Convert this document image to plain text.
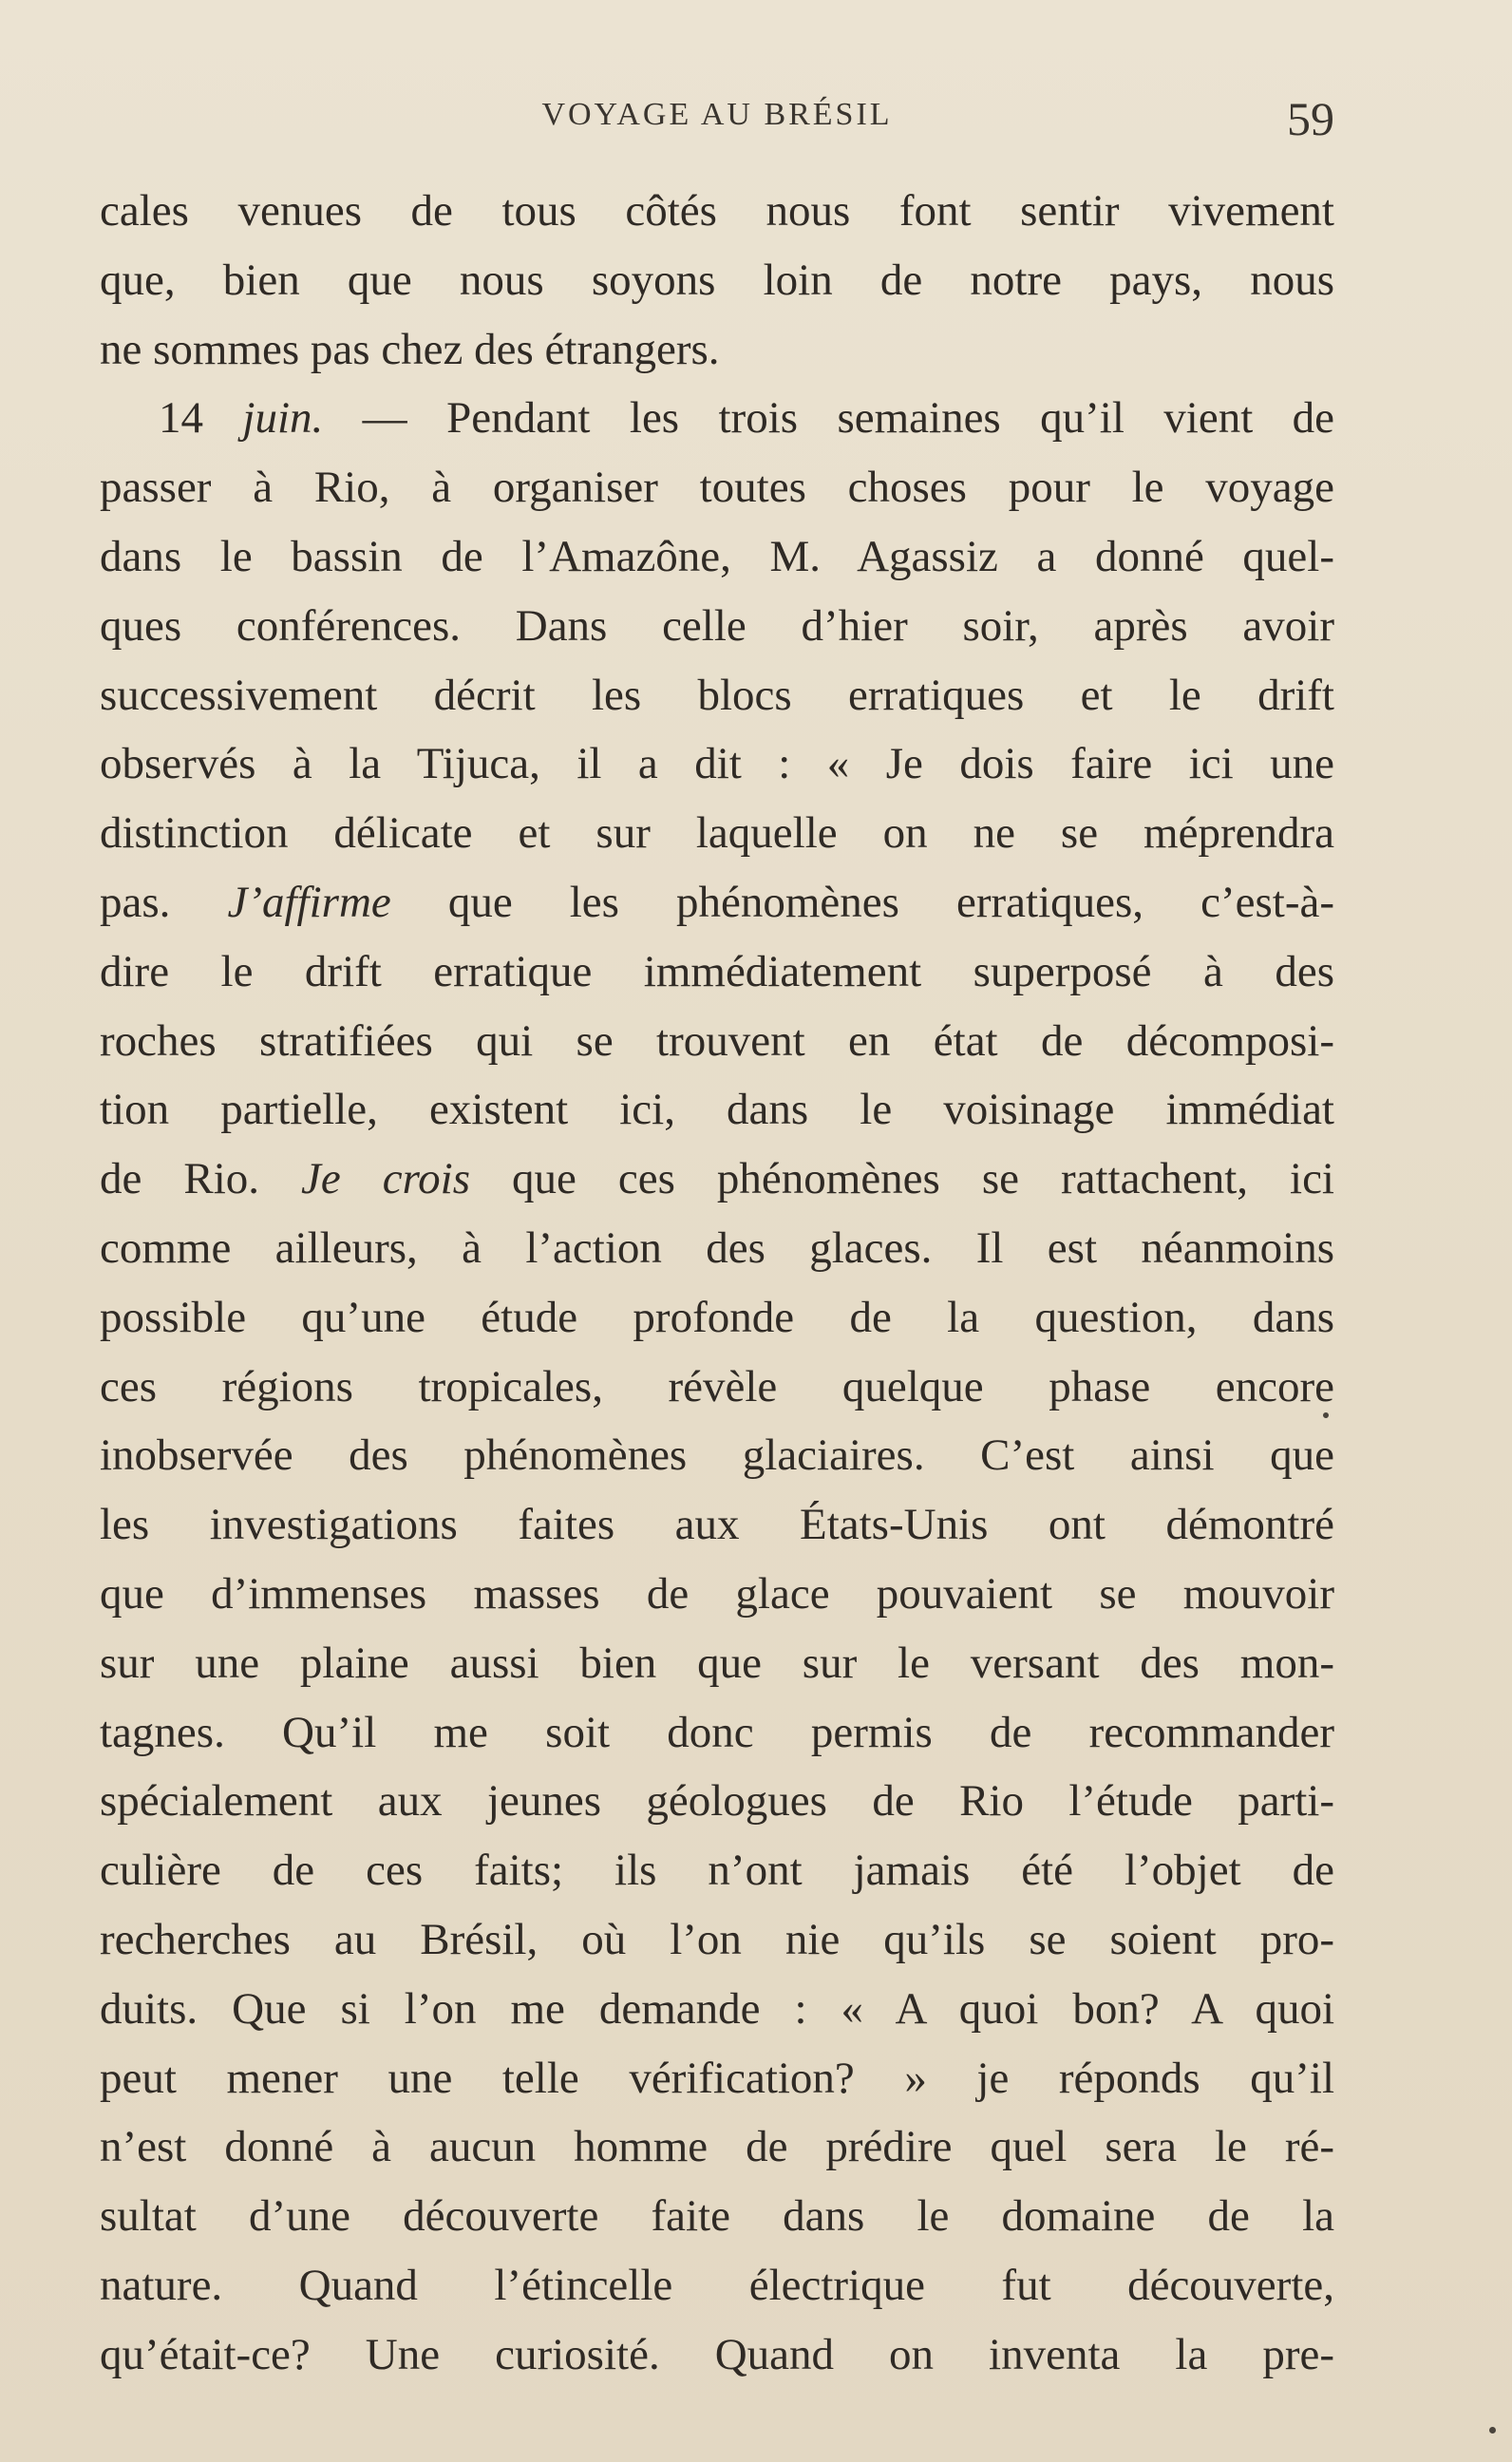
VOYAGE AU BRÉSIL	59
cales venues de tous côtés nous font sentir vivement
que, bien que nous soyons loin de notre pays, nous
ne sommes pas chez des étrangers.
14 juin. — Pendant les trois semaines qu’il vient de
passer à Rio, à organiser toutes choses pour le voyage
dans le bassin de l’Amazône, M. Agassiz a donné quel-
ques conférences. Dans celle d’hier soir, après avoir
successivement décrit les blocs erratiques et le drift
observés à la Tijuca, il a dit : « Je dois faire ici une
distinction délicate et sur laquelle on ne se méprendra
pas. J’affirme que les phénomènes erratiques, c’est-à-
dire le drift erratique immédiatement superposé à des
roches stratifiées qui se trouvent en état de décomposi-
tion partielle, existent ici, dans le voisinage immédiat
de Rio. Je crois que ces phénomènes se rattachent, ici
comme ailleurs, à l’action des glaces. Il est néanmoins
possible qu’une étude profonde de la question, dans
ces régions tropicales, révèle quelque phase encore
inobservée des phénomènes glaciaires. C’est ainsi que
les investigations faites aux États-Unis ont démontré
que d’immenses masses de glace pouvaient se mouvoir
sur une plaine aussi bien que sur le versant des mon-
tagnes. Qu’il me soit donc permis de recommander
spécialement aux jeunes géologues de Rio l’étude parti-
culière de ces faits; ils n’ont jamais été l’objet de
recherches au Brésil, où l’on nie qu’ils se soient pro-
duits. Que si l’on me demande : « A quoi bon? A quoi
peut mener une telle vérification? » je réponds qu’il
n’est donné à aucun homme de prédire quel sera le ré-
sultat d’une découverte faite dans le domaine de la
nature. Quand l’étincelle électrique fut découverte,
qu’était-ce? Une curiosité. Quand on inventa la pre-
